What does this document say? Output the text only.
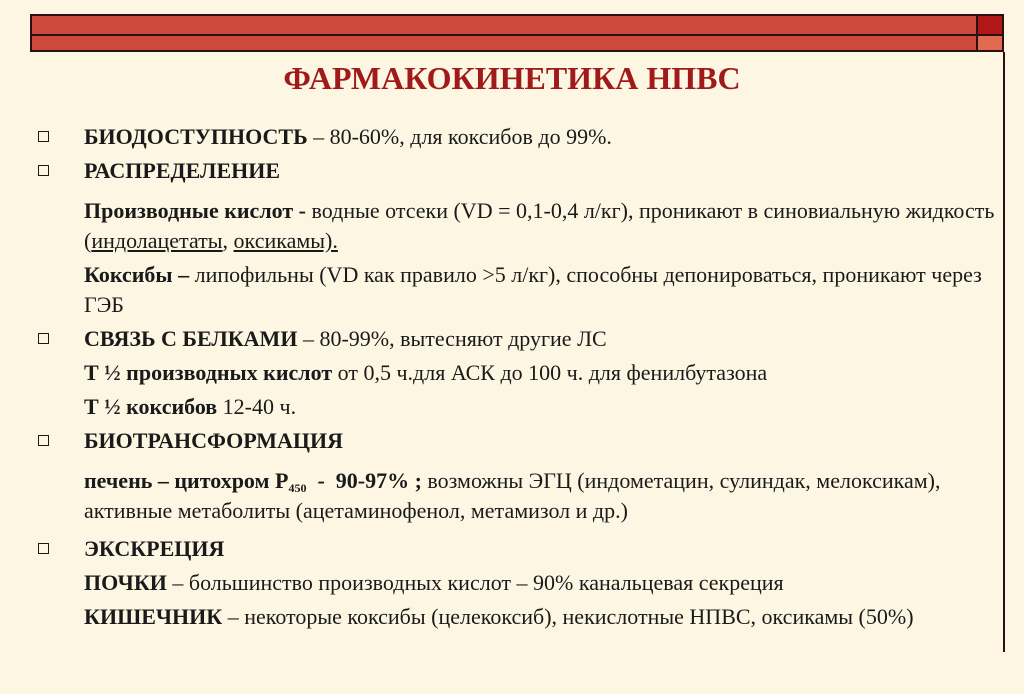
ФАРМАКОКИНЕТИКА НПВС
БИОДОСТУПНОСТЬ – 80-60%, для коксибов до 99%.
РАСПРЕДЕЛЕНИЕ
Производные кислот - водные отсеки (VD = 0,1-0,4 л/кг), проникают в синовиальную жидкость (индолацетаты, оксикамы).
Коксибы – липофильны (VD как правило >5 л/кг), способны депонироваться, проникают через ГЭБ
СВЯЗЬ С БЕЛКАМИ – 80-99%, вытесняют другие ЛС
Т ½ производных кислот от 0,5 ч.для АСК до 100 ч. для фенилбутазона
Т ½ коксибов 12-40 ч.
БИОТРАНСФОРМАЦИЯ
печень – цитохром $Р_{450} - 90-97\%$ ; возможны ЭГЦ (индометацин, сулиндак, мелоксикам), активные метаболиты (ацетаминофенол, метамизол и др.)
ЭКСКРЕЦИЯ
ПОЧКИ – большинство производных кислот – 90% канальцевая секреция
КИШЕЧНИК – некоторые коксибы (целекоксиб), некислотные НПВС, оксикамы (50%)
